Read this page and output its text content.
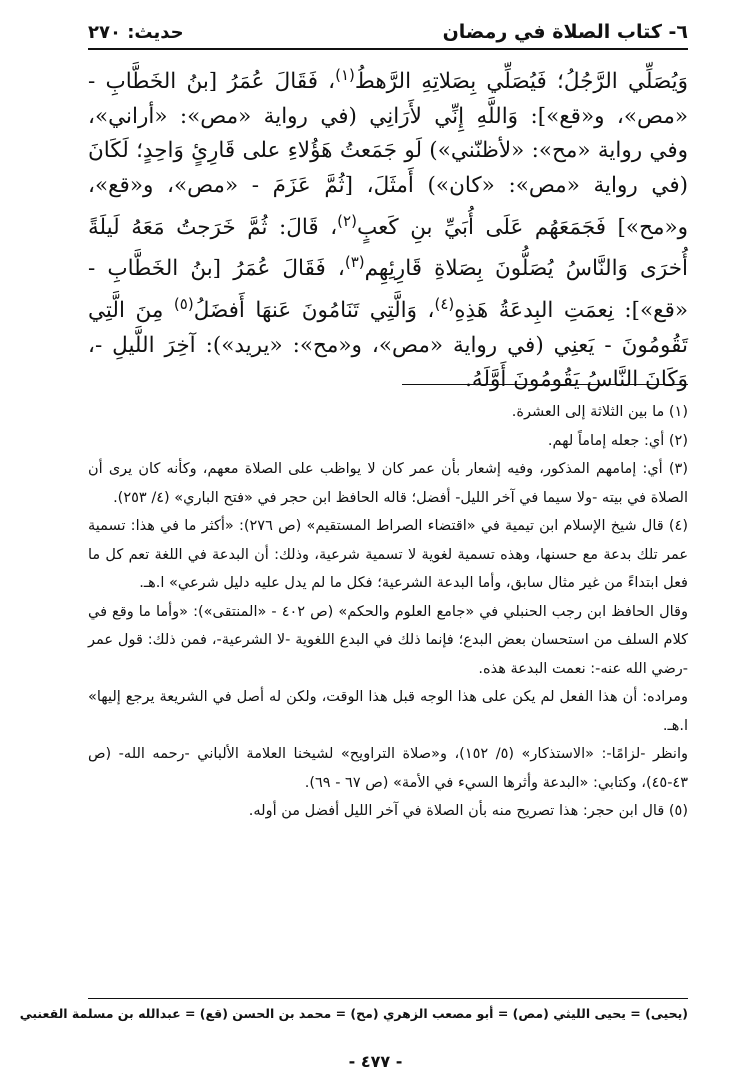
٦- كتاب الصلاة في رمضان
حديث: ٢٧٠

وَيُصَلِّي الرَّجُلُ؛ فَيُصَلِّي بِصَلاتِهِ الرَّهطُ$^{(١)}$، فَقَالَ عُمَرُ [بنُ الخَطَّابِ - «مص»، و«قع»]: وَاللَّهِ إِنِّي لأَرَانِي (في رواية «مص»: «أراني»، وفي رواية «مح»: «لأظنّني») لَو جَمَعتُ هَؤُلاءِ على قَارِئٍ وَاحِدٍ؛ لَكَانَ (في رواية «مص»: «كان») أَمثَلَ، [ثُمَّ عَزَمَ - «مص»، و«قع»، و«مح»] فَجَمَعَهُم عَلَى أُبَيِّ بنِ كَعبٍ$^{(٢)}$، قَالَ: ثُمَّ خَرَجتُ مَعَهُ لَيلَةً أُخرَى وَالنَّاسُ يُصَلُّونَ بِصَلاةِ قَارِئِهِم$^{(٣)}$، فَقَالَ عُمَرُ [بنُ الخَطَّابِ - «قع»]: نِعمَتِ البِدعَةُ هَذِهِ$^{(٤)}$، وَالَّتِي تَنَامُونَ عَنهَا أَفضَلُ$^{(٥)}$ مِنَ الَّتِي تَقُومُونَ - يَعنِي (في رواية «مص»، و«مح»: «يريد»): آخِرَ اللَّيلِ -، وَكَانَ النَّاسُ يَقُومُونَ أَوَّلَهُ.

(١) ما بين الثلاثة إلى العشرة.

(٢) أي: جعله إماماً لهم.

(٣) أي: إمامهم المذكور، وفيه إشعار بأن عمر كان لا يواظب على الصلاة معهم، وكأنه كان يرى أن الصلاة في بيته -ولا سيما في آخر الليل- أفضل؛ قاله الحافظ ابن حجر في «فتح الباري» (٤/ ٢٥٣).

(٤) قال شيخ الإسلام ابن تيمية في «اقتضاء الصراط المستقيم» (ص ٢٧٦): «أكثر ما في هذا: تسمية عمر تلك بدعة مع حسنها، وهذه تسمية لغوية لا تسمية شرعية، وذلك: أن البدعة في اللغة تعم كل ما فعل ابتداءً من غير مثال سابق، وأما البدعة الشرعية؛ فكل ما لم يدل عليه دليل شرعي» ا.هـ.

وقال الحافظ ابن رجب الحنبلي في «جامع العلوم والحكم» (ص ٤٠٢ - «المنتقى»): «وأما ما وقع في كلام السلف من استحسان بعض البدع؛ فإنما ذلك في البدع اللغوية -لا الشرعية-، فمن ذلك: قول عمر -رضي الله عنه-: نعمت البدعة هذه.

ومراده: أن هذا الفعل لم يكن على هذا الوجه قبل هذا الوقت، ولكن له أصل في الشريعة يرجع إليها» ا.هـ.

وانظر -لزامًا-: «الاستذكار» (٥/ ١٥٢)، و«صلاة التراويح» لشيخنا العلامة الألباني -رحمه الله- (ص ٤٣-٤٥)، وكتابي: «البدعة وأثرها السيء في الأمة» (ص ٦٧ - ٦٩).

(٥) قال ابن حجر: هذا تصريح منه بأن الصلاة في آخر الليل أفضل من أوله.

(يحيى) = يحيى الليثي (مص) = أبو مصعب الزهري (مح) = محمد بن الحسن (قع) = عبدالله بن مسلمة القعنبي
- ٤٧٧ -
